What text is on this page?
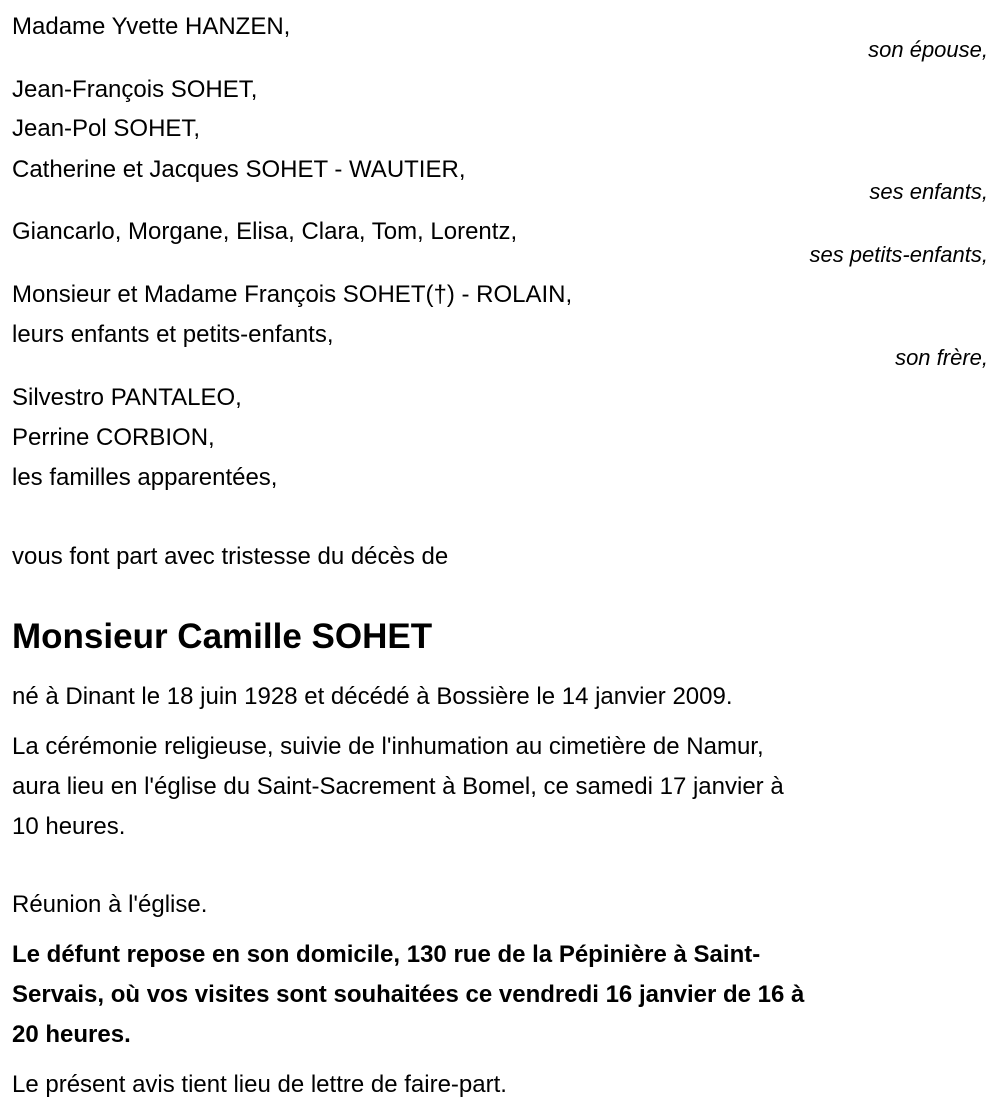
Madame Yvette HANZEN,
son épouse,
Jean-François SOHET,
Jean-Pol SOHET,
Catherine et Jacques SOHET - WAUTIER,
ses enfants,
Giancarlo, Morgane, Elisa, Clara, Tom, Lorentz,
ses petits-enfants,
Monsieur et Madame François SOHET(†) - ROLAIN,
leurs enfants et petits-enfants,
son frère,
Silvestro PANTALEO,
Perrine CORBION,
les familles apparentées,
vous font part avec tristesse du décès de
Monsieur Camille SOHET
né à Dinant le 18 juin 1928 et décédé à Bossière le 14 janvier 2009.
La cérémonie religieuse, suivie de l'inhumation au cimetière de Namur,
aura lieu en l'église du Saint-Sacrement à Bomel, ce samedi 17 janvier à
10 heures.
Réunion à l'église.
Le défunt repose en son domicile, 130 rue de la Pépinière à Saint-
Servais, où vos visites sont souhaitées ce vendredi 16 janvier de 16 à
20 heures.
Le présent avis tient lieu de lettre de faire-part.
